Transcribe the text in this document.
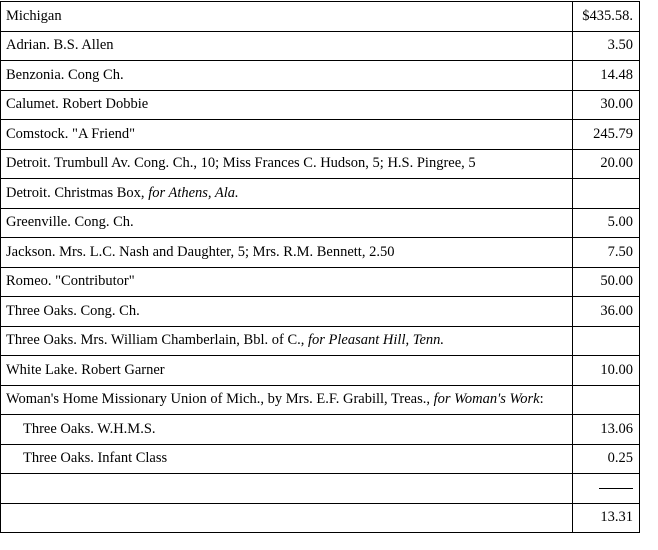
Michigan	$435.58.
Adrian. B.S. Allen	3.50
Benzonia. Cong Ch.	14.48
Calumet. Robert Dobbie	30.00
Comstock. "A Friend"	245.79
Detroit. Trumbull Av. Cong. Ch., 10; Miss Frances C. Hudson, 5; H.S. Pingree, 5	20.00
Detroit. Christmas Box, for Athens, Ala.	
Greenville. Cong. Ch.	5.00
Jackson. Mrs. L.C. Nash and Daughter, 5; Mrs. R.M. Bennett, 2.50	7.50
Romeo. "Contributor"	50.00
Three Oaks. Cong. Ch.	36.00
Three Oaks. Mrs. William Chamberlain, Bbl. of C., for Pleasant Hill, Tenn.	
White Lake. Robert Garner	10.00
Woman's Home Missionary Union of Mich., by Mrs. E.F. Grabill, Treas., for Woman's Work:	
Three Oaks. W.H.M.S.	13.06
Three Oaks. Infant Class	0.25

	13.31
